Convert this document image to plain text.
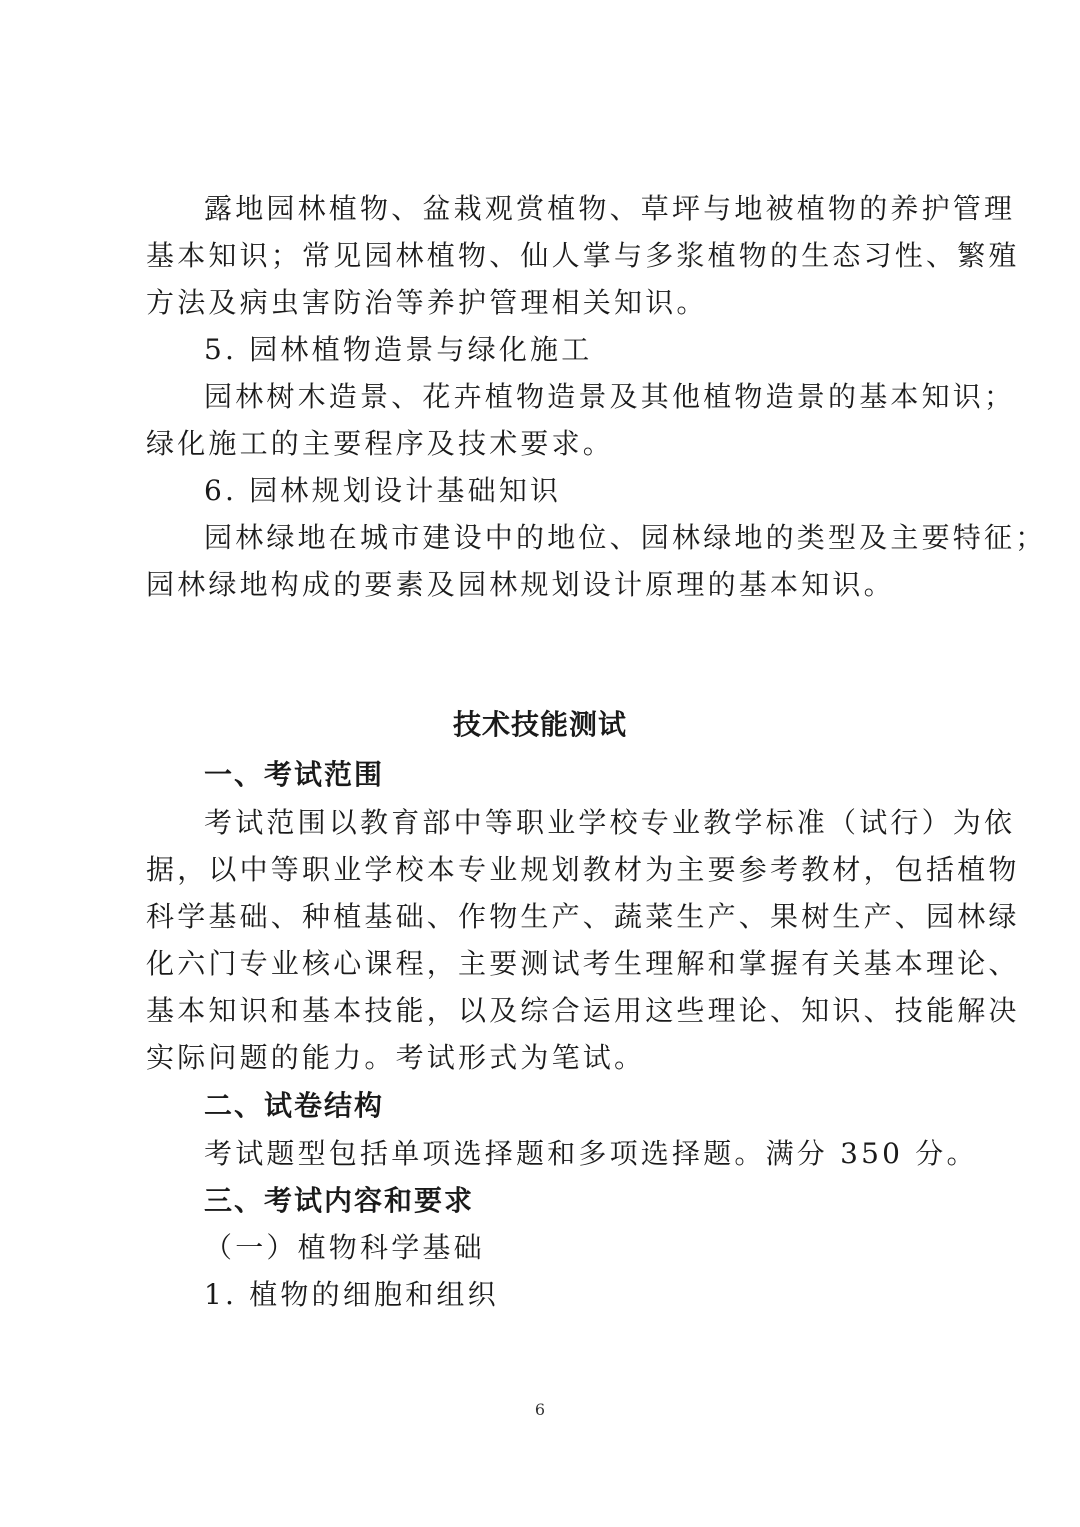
露地园林植物、盆栽观赏植物、草坪与地被植物的养护管理
基本知识；常见园林植物、仙人掌与多浆植物的生态习性、繁殖
方法及病虫害防治等养护管理相关知识。
5. 园林植物造景与绿化施工
园林树木造景、花卉植物造景及其他植物造景的基本知识；
绿化施工的主要程序及技术要求。
6. 园林规划设计基础知识
园林绿地在城市建设中的地位、园林绿地的类型及主要特征；
园林绿地构成的要素及园林规划设计原理的基本知识。
技术技能测试
一、考试范围
考试范围以教育部中等职业学校专业教学标准（试行）为依
据，以中等职业学校本专业规划教材为主要参考教材，包括植物
科学基础、种植基础、作物生产、蔬菜生产、果树生产、园林绿
化六门专业核心课程，主要测试考生理解和掌握有关基本理论、
基本知识和基本技能，以及综合运用这些理论、知识、技能解决
实际问题的能力。考试形式为笔试。
二、试卷结构
考试题型包括单项选择题和多项选择题。满分 350 分。
三、考试内容和要求
（一）植物科学基础
1. 植物的细胞和组织
6
